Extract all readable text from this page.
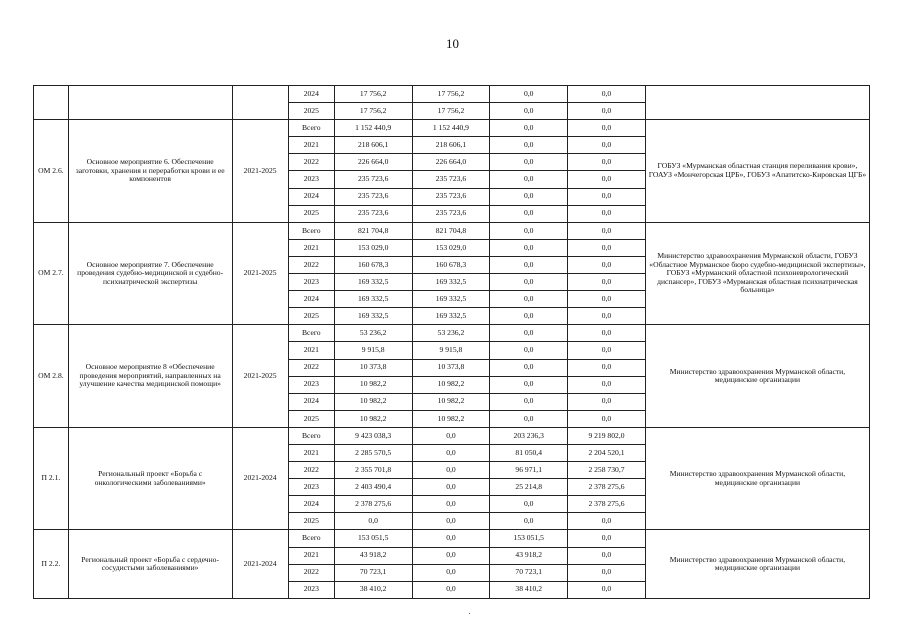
10
			2024	17 756,2	17 756,2	0,0	0,0	
			2025	17 756,2	17 756,2	0,0	0,0	
ОМ 2.6.	Основное мероприятие 6. Обеспечение заготовки, хранения и переработки крови и ее компонентов	2021-2025	Всего	1 152 440,9	1 152 440,9	0,0	0,0	ГОБУЗ «Мурманская областная станция переливания крови», ГОАУЗ «Мончегорская ЦРБ», ГОБУЗ «Апатитско-Кировская ЦГБ»
			2021	218 606,1	218 606,1	0,0	0,0	
			2022	226 664,0	226 664,0	0,0	0,0	
			2023	235 723,6	235 723,6	0,0	0,0	
			2024	235 723,6	235 723,6	0,0	0,0	
			2025	235 723,6	235 723,6	0,0	0,0	
ОМ 2.7.	Основное мероприятие 7. Обеспечение проведения судебно-медицинской и судебно-психиатрической экспертизы	2021-2025	Всего	821 704,8	821 704,8	0,0	0,0	Министерство здравоохранения Мурманской области, ГОБУЗ «Областное Мурманское бюро судебно-медицинской экспертизы», ГОБУЗ «Мурманский областной психоневрологический диспансер», ГОБУЗ «Мурманская областная психиатрическая больница»
			2021	153 029,0	153 029,0	0,0	0,0	
			2022	160 678,3	160 678,3	0,0	0,0	
			2023	169 332,5	169 332,5	0,0	0,0	
			2024	169 332,5	169 332,5	0,0	0,0	
			2025	169 332,5	169 332,5	0,0	0,0	
ОМ 2.8.	Основное мероприятие 8 «Обеспечение проведения мероприятий, направленных на улучшение качества медицинской помощи»	2021-2025	Всего	53 236,2	53 236,2	0,0	0,0	Министерство здравоохранения Мурманской области, медицинские организации
			2021	9 915,8	9 915,8	0,0	0,0	
			2022	10 373,8	10 373,8	0,0	0,0	
			2023	10 982,2	10 982,2	0,0	0,0	
			2024	10 982,2	10 982,2	0,0	0,0	
			2025	10 982,2	10 982,2	0,0	0,0	
П 2.1.	Региональный проект «Борьба с онкологическими заболеваниями»	2021-2024	Всего	9 423 038,3	0,0	203 236,3	9 219 802,0	Министерство здравоохранения Мурманской области, медицинские организации
			2021	2 285 570,5	0,0	81 050,4	2 204 520,1	
			2022	2 355 701,8	0,0	96 971,1	2 258 730,7	
			2023	2 403 490,4	0,0	25 214,8	2 378 275,6	
			2024	2 378 275,6	0,0	0,0	2 378 275,6	
			2025	0,0	0,0	0,0	0,0	
П 2.2.	Региональный проект «Борьба с сердечно-сосудистыми заболеваниями»	2021-2024	Всего	153 051,5	0,0	153 051,5	0,0	Министерство здравоохранения Мурманской области, медицинские организации
			2021	43 918,2	0,0	43 918,2	0,0	
			2022	70 723,1	0,0	70 723,1	0,0	
			2023	38 410,2	0,0	38 410,2	0,0	
